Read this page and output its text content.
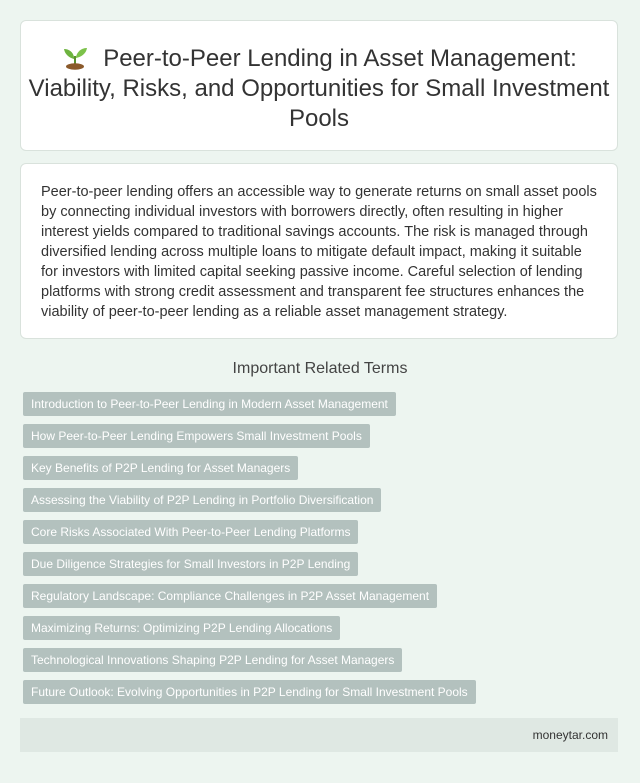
Peer-to-Peer Lending in Asset Management: Viability, Risks, and Opportunities for Small Investment Pools

Peer-to-peer lending offers an accessible way to generate returns on small asset pools by connecting individual investors with borrowers directly, often resulting in higher interest yields compared to traditional savings accounts. The risk is managed through diversified lending across multiple loans to mitigate default impact, making it suitable for investors with limited capital seeking passive income. Careful selection of lending platforms with strong credit assessment and transparent fee structures enhances the viability of peer-to-peer lending as a reliable asset management strategy.

Important Related Terms
Introduction to Peer-to-Peer Lending in Modern Asset Management
How Peer-to-Peer Lending Empowers Small Investment Pools
Key Benefits of P2P Lending for Asset Managers
Assessing the Viability of P2P Lending in Portfolio Diversification
Core Risks Associated With Peer-to-Peer Lending Platforms
Due Diligence Strategies for Small Investors in P2P Lending
Regulatory Landscape: Compliance Challenges in P2P Asset Management
Maximizing Returns: Optimizing P2P Lending Allocations
Technological Innovations Shaping P2P Lending for Asset Managers
Future Outlook: Evolving Opportunities in P2P Lending for Small Investment Pools
moneytar.com
